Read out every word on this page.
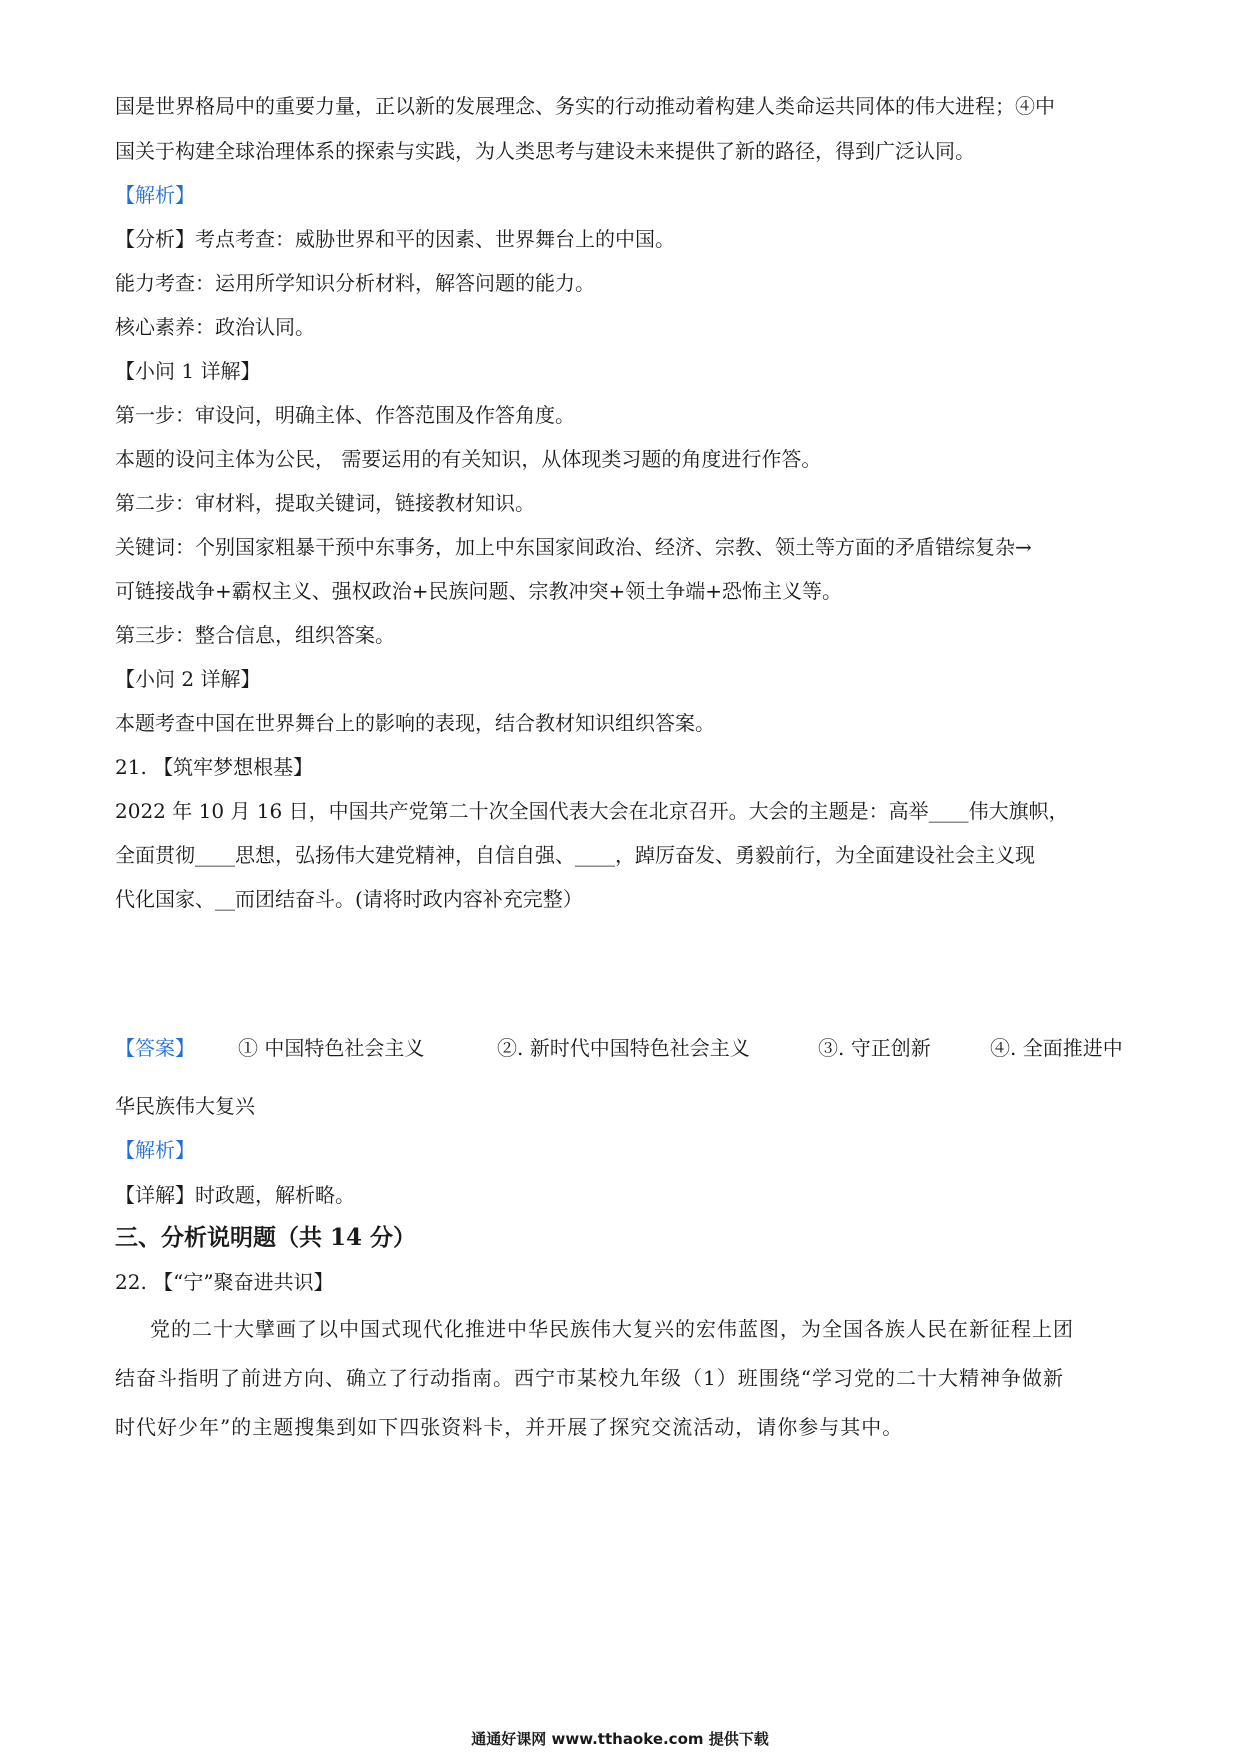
国是世界格局中的重要力量，正以新的发展理念、务实的行动推动着构建人类命运共同体的伟大进程；④中
国关于构建全球治理体系的探索与实践，为人类思考与建设未来提供了新的路径，得到广泛认同。
【解析】
【分析】考点考查：威胁世界和平的因素、世界舞台上的中国。
能力考查：运用所学知识分析材料，解答问题的能力。
核心素养：政治认同。
【小问 1 详解】
第一步：审设问，明确主体、作答范围及作答角度。
本题的设问主体为公民， 需要运用的有关知识，从体现类习题的角度进行作答。
第二步：审材料，提取关键词，链接教材知识。
关键词：个别国家粗暴干预中东事务，加上中东国家间政治、经济、宗教、领土等方面的矛盾错综复杂→
可链接战争+霸权主义、强权政治+民族问题、宗教冲突+领土争端+恐怖主义等。
第三步：整合信息，组织答案。
【小问 2 详解】
本题考查中国在世界舞台上的影响的表现，结合教材知识组织答案。
21. 【筑牢梦想根基】
2022 年 10 月 16 日，中国共产党第二十次全国代表大会在北京召开。大会的主题是：高举____伟大旗帜，
全面贯彻____思想，弘扬伟大建党精神，自信自强、____，踔厉奋发、勇毅前行，为全面建设社会主义现
代化国家、__而团结奋斗。(请将时政内容补充完整）
【答案】 ① 中国特色社会主义	②. 新时代中国特色社会主义	③. 守正创新	④. 全面推进中
华民族伟大复兴
【解析】
【详解】时政题，解析略。
三、分析说明题（共 14 分）
22. 【“宁”聚奋进共识】
党的二十大擘画了以中国式现代化推进中华民族伟大复兴的宏伟蓝图，为全国各族人民在新征程上团
结奋斗指明了前进方向、确立了行动指南。西宁市某校九年级（1）班围绕“学习党的二十大精神争做新
时代好少年”的主题搜集到如下四张资料卡，并开展了探究交流活动，请你参与其中。
通通好课网 www.tthaoke.com 提供下载
